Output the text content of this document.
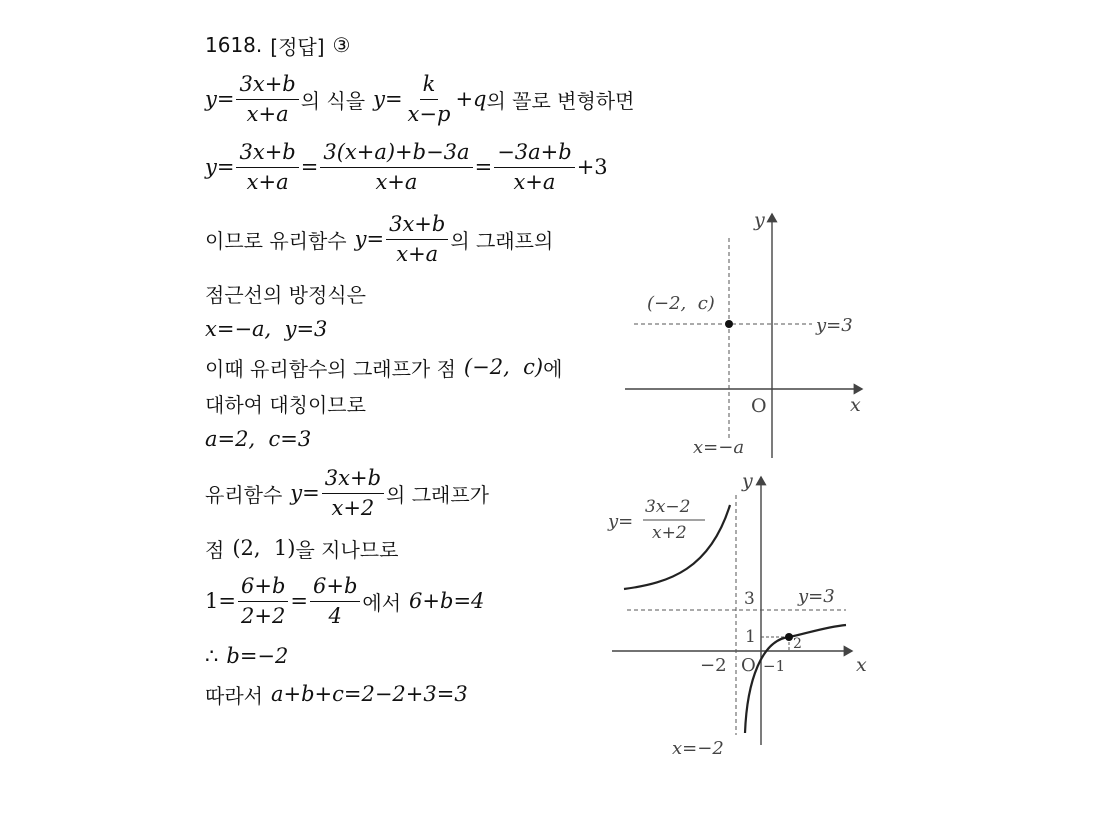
1618. [정답] ③
$y = \frac{3x+b}{x+a}$ 의 식을 $y = \frac{k}{x-p} +q$ 의 꼴로 변형하면
$y = \frac{3x+b}{x+a} = \frac{3(x+a)+b-3a}{x+a} = \frac{-3a+b}{x+a} +3$
이므로 유리함수 $y = \frac{3x+b}{x+a}$ 의 그래프의
점근선의 방정식은
x=−a,  y=3
이때 유리함수의 그래프가 점 (−2,  c) 에
대하여 대칭이므로
a=2,  c=3
유리함수 $y = \frac{3x+b}{x+2}$ 의 그래프가
점 (2,  1) 을 지나므로
$1 = \frac{6+b}{2+2} = \frac{6+b}{4}$ 에서 6+b=4
∴ b=−2
따라서 a+b+c=2−2+3=3
y
x
O
(−2,  c)
y=3
x=−a
y
x
O
y=
3x−2
x+2
y=3
3
1	2
−2 −1
x=−2
